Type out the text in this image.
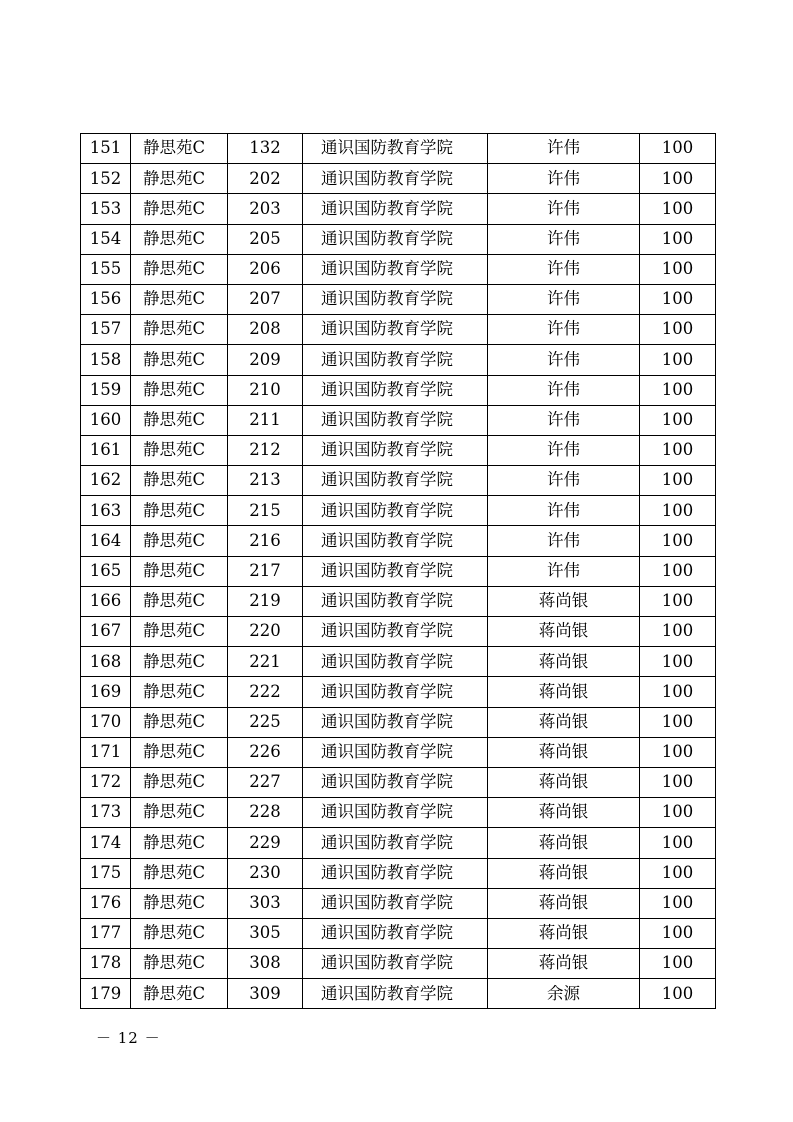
151	静思苑C	132	通识国防教育学院	许伟	100
152	静思苑C	202	通识国防教育学院	许伟	100
153	静思苑C	203	通识国防教育学院	许伟	100
154	静思苑C	205	通识国防教育学院	许伟	100
155	静思苑C	206	通识国防教育学院	许伟	100
156	静思苑C	207	通识国防教育学院	许伟	100
157	静思苑C	208	通识国防教育学院	许伟	100
158	静思苑C	209	通识国防教育学院	许伟	100
159	静思苑C	210	通识国防教育学院	许伟	100
160	静思苑C	211	通识国防教育学院	许伟	100
161	静思苑C	212	通识国防教育学院	许伟	100
162	静思苑C	213	通识国防教育学院	许伟	100
163	静思苑C	215	通识国防教育学院	许伟	100
164	静思苑C	216	通识国防教育学院	许伟	100
165	静思苑C	217	通识国防教育学院	许伟	100
166	静思苑C	219	通识国防教育学院	蒋尚银	100
167	静思苑C	220	通识国防教育学院	蒋尚银	100
168	静思苑C	221	通识国防教育学院	蒋尚银	100
169	静思苑C	222	通识国防教育学院	蒋尚银	100
170	静思苑C	225	通识国防教育学院	蒋尚银	100
171	静思苑C	226	通识国防教育学院	蒋尚银	100
172	静思苑C	227	通识国防教育学院	蒋尚银	100
173	静思苑C	228	通识国防教育学院	蒋尚银	100
174	静思苑C	229	通识国防教育学院	蒋尚银	100
175	静思苑C	230	通识国防教育学院	蒋尚银	100
176	静思苑C	303	通识国防教育学院	蒋尚银	100
177	静思苑C	305	通识国防教育学院	蒋尚银	100
178	静思苑C	308	通识国防教育学院	蒋尚银	100
179	静思苑C	309	通识国防教育学院	余源	100
－ 12 －
